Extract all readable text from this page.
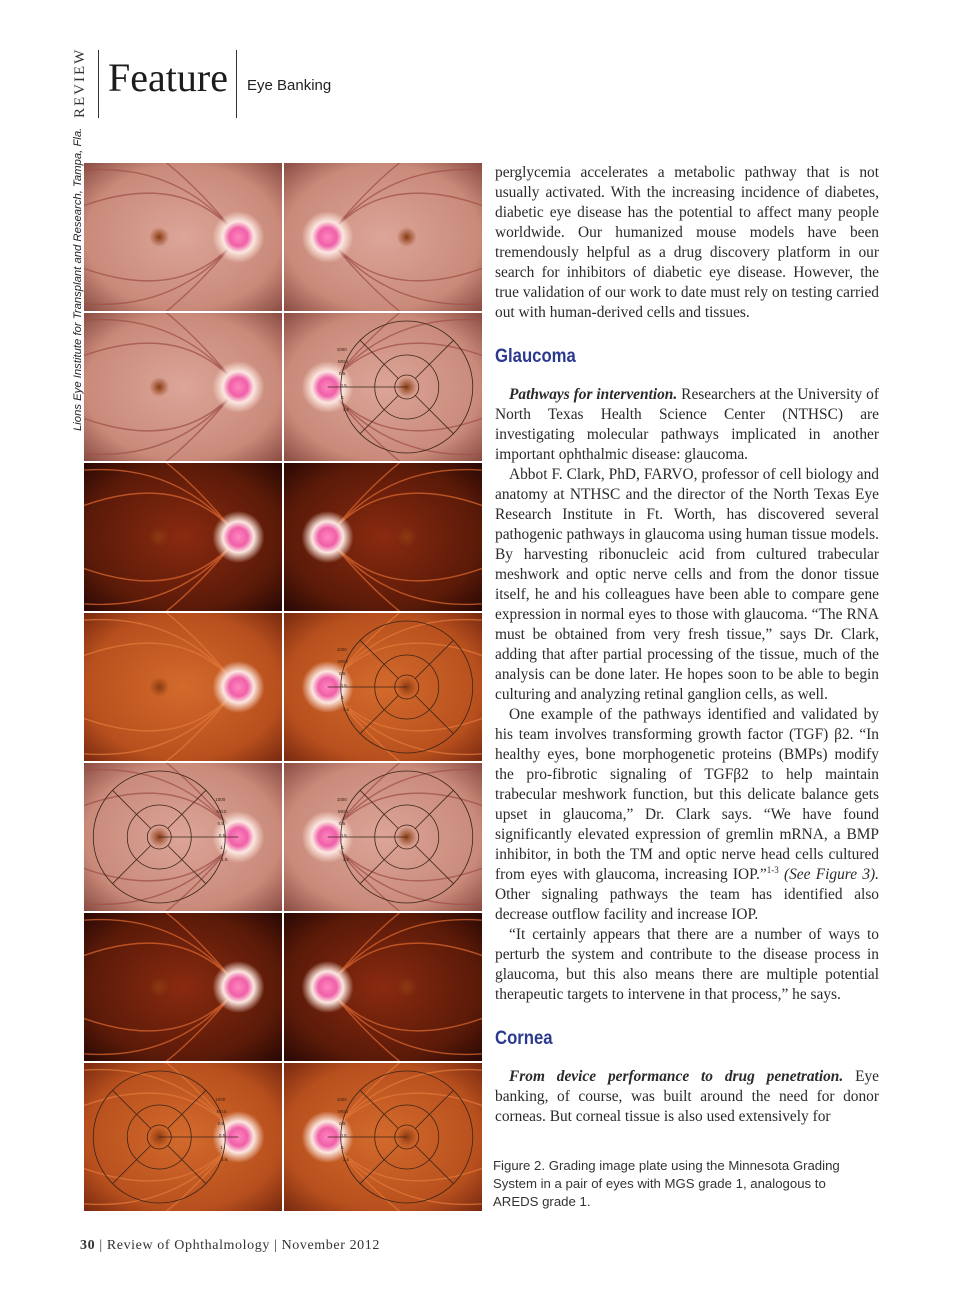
REVIEW Feature Eye Banking
Lions Eye Institute for Transplant and Research, Tampa, Fla.	1000
MGS
0.5
0.5
1
1.5
1000
MGS
0.5
0.5
1
1.5
1000
MGS
0.5
0.5
1
1.5
1000
MGS
0.5
0.5
1
1.5
1000
MGS
0.5
0.5
1
1.5
1000
MGS
0.5
0.5
1
1.5

perglycemia accelerates a metabolic pathway that is not usually activated. With the increasing incidence of diabetes, diabetic eye disease has the potential to affect many people worldwide. Our humanized mouse models have been tremendously helpful as a drug discovery platform in our search for inhibitors of diabetic eye disease. However, the true validation of our work to date must rely on testing carried out with human-derived cells and tissues.

Glaucoma

Pathways for intervention. Researchers at the University of North Texas Health Science Center (NTHSC) are investigating molecular pathways implicated in another important ophthalmic disease: glaucoma.

Abbot F. Clark, PhD, FARVO, professor of cell biology and anatomy at NTHSC and the director of the North Texas Eye Research Institute in Ft. Worth, has discovered several pathogenic pathways in glaucoma using human tissue models. By harvesting ribonucleic acid from cultured trabecular meshwork and optic nerve cells and from the donor tissue itself, he and his colleagues have been able to compare gene expression in normal eyes to those with glaucoma. “The RNA must be obtained from very fresh tissue,” says Dr. Clark, adding that after partial processing of the tissue, much of the analysis can be done later. He hopes soon to be able to begin culturing and analyzing retinal ganglion cells, as well.

One example of the pathways identified and validated by his team involves transforming growth factor (TGF) β2. “In healthy eyes, bone morphogenetic proteins (BMPs) modify the pro-fibrotic signaling of TGFβ2 to help maintain trabecular meshwork function, but this delicate balance gets upset in glaucoma,” Dr. Clark says. “We have found significantly elevated expression of gremlin mRNA, a BMP inhibitor, in both the TM and optic nerve head cells cultured from eyes with glaucoma, increasing IOP.”$^{1-3}$ (See Figure 3). Other signaling pathways the team has identified also decrease outflow facility and increase IOP.

“It certainly appears that there are a number of ways to perturb the system and contribute to the disease process in glaucoma, but this also means there are multiple potential therapeutic targets to intervene in that process,” he says.

Cornea

From device performance to drug penetration. Eye banking, of course, was built around the need for donor corneas. But corneal tissue is also used extensively for

Figure 2. Grading image plate using the Minnesota Grading System in a pair of eyes with MGS grade 1, analogous to AREDS grade 1.
30 | Review of Ophthalmology | November 2012
